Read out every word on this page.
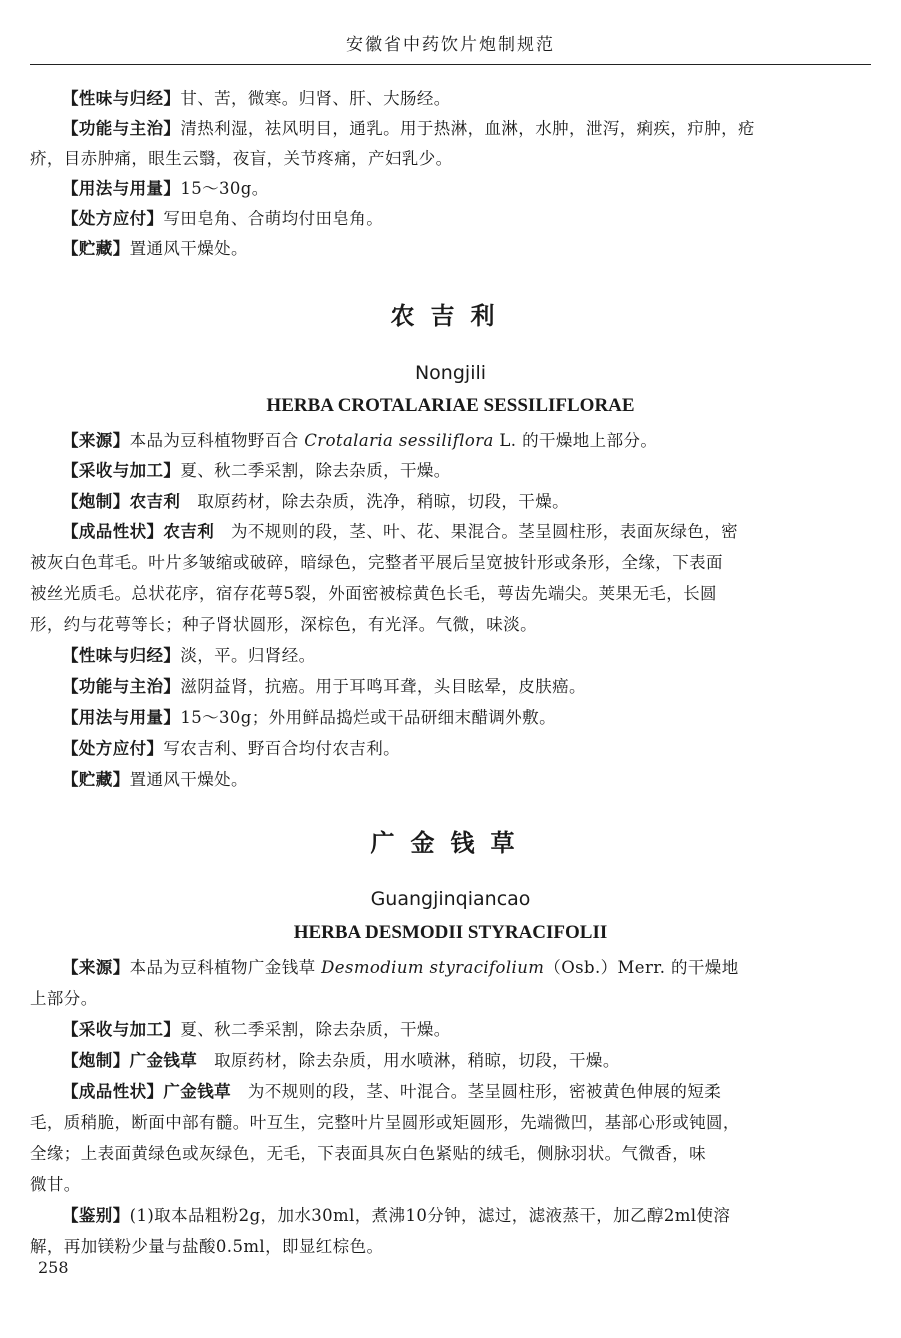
安徽省中药饮片炮制规范
【性味与归经】甘、苦，微寒。归肾、肝、大肠经。
【功能与主治】清热利湿，祛风明目，通乳。用于热淋，血淋，水肿，泄泻，痢疾，疖肿，疮
疥，目赤肿痛，眼生云翳，夜盲，关节疼痛，产妇乳少。
【用法与用量】15～30g。
【处方应付】写田皂角、合萌均付田皂角。
【贮藏】置通风干燥处。
农吉利
Nongjili
HERBA CROTALARIAE SESSILIFLORAE
【来源】本品为豆科植物野百合 Crotalaria sessiliflora L. 的干燥地上部分。
【采收与加工】夏、秋二季采割，除去杂质，干燥。
【炮制】农吉利　取原药材，除去杂质，洗净，稍晾，切段，干燥。
【成品性状】农吉利　为不规则的段，茎、叶、花、果混合。茎呈圆柱形，表面灰绿色，密
被灰白色茸毛。叶片多皱缩或破碎，暗绿色，完整者平展后呈宽披针形或条形，全缘，下表面
被丝光质毛。总状花序，宿存花萼5裂，外面密被棕黄色长毛，萼齿先端尖。荚果无毛，长圆
形，约与花萼等长；种子肾状圆形，深棕色，有光泽。气微，味淡。
【性味与归经】淡，平。归肾经。
【功能与主治】滋阴益肾，抗癌。用于耳鸣耳聋，头目眩晕，皮肤癌。
【用法与用量】15～30g；外用鲜品捣烂或干品研细末醋调外敷。
【处方应付】写农吉利、野百合均付农吉利。
【贮藏】置通风干燥处。
广金钱草
Guangjinqiancao
HERBA DESMODII STYRACIFOLII
【来源】本品为豆科植物广金钱草 Desmodium styracifolium（Osb.）Merr. 的干燥地
上部分。
【采收与加工】夏、秋二季采割，除去杂质，干燥。
【炮制】广金钱草　取原药材，除去杂质，用水喷淋，稍晾，切段，干燥。
【成品性状】广金钱草　为不规则的段，茎、叶混合。茎呈圆柱形，密被黄色伸展的短柔
毛，质稍脆，断面中部有髓。叶互生，完整叶片呈圆形或矩圆形，先端微凹，基部心形或钝圆，
全缘；上表面黄绿色或灰绿色，无毛，下表面具灰白色紧贴的绒毛，侧脉羽状。气微香，味
微甘。
【鉴别】(1)取本品粗粉2g，加水30ml，煮沸10分钟，滤过，滤液蒸干，加乙醇2ml使溶
解，再加镁粉少量与盐酸0.5ml，即显红棕色。
258
